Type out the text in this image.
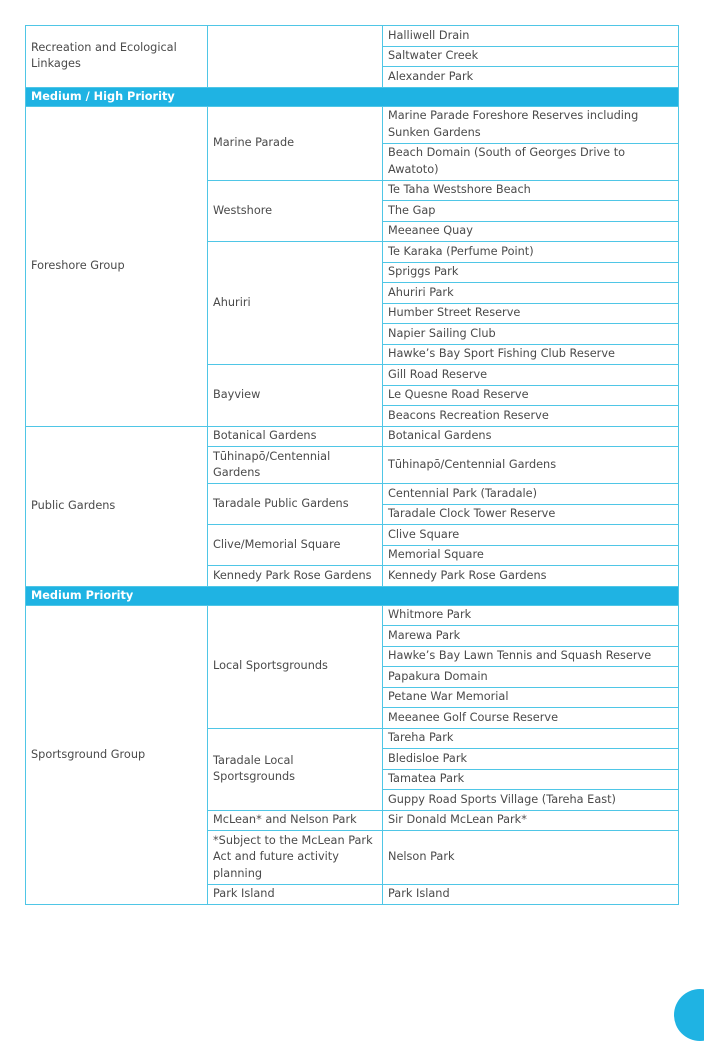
Recreation and Ecological Linkages		Halliwell Drain
		Saltwater Creek
		Alexander Park
Medium / High Priority		
Foreshore Group	Marine Parade	Marine Parade Foreshore Reserves including Sunken Gardens
		Beach Domain (South of Georges Drive to Awatoto)
	Westshore	Te Taha Westshore Beach
		The Gap
		Meeanee Quay
	Ahuriri	Te Karaka (Perfume Point)
		Spriggs Park
		Ahuriri Park
		Humber Street Reserve
		Napier Sailing Club
		Hawke’s Bay Sport Fishing Club Reserve
	Bayview	Gill Road Reserve
		Le Quesne Road Reserve
		Beacons Recreation Reserve
Public Gardens	Botanical Gardens	Botanical Gardens
	Tūhinapō/Centennial Gardens	Tūhinapō/Centennial Gardens
	Taradale Public Gardens	Centennial Park (Taradale)
		Taradale Clock Tower Reserve
	Clive/Memorial Square	Clive Square
		Memorial Square
	Kennedy Park Rose Gardens	Kennedy Park Rose Gardens
Medium Priority		
Sportsground Group	Local Sportsgrounds	Whitmore Park
		Marewa Park
		Hawke’s Bay Lawn Tennis and Squash Reserve
		Papakura Domain
		Petane War Memorial
		Meeanee Golf Course Reserve
	Taradale Local Sportsgrounds	Tareha Park
		Bledisloe Park
		Tamatea Park
		Guppy Road Sports Village (Tareha East)
	McLean* and Nelson Park	Sir Donald McLean Park*
	*Subject to the McLean Park Act and future activity planning	Nelson Park
	Park Island	Park Island
